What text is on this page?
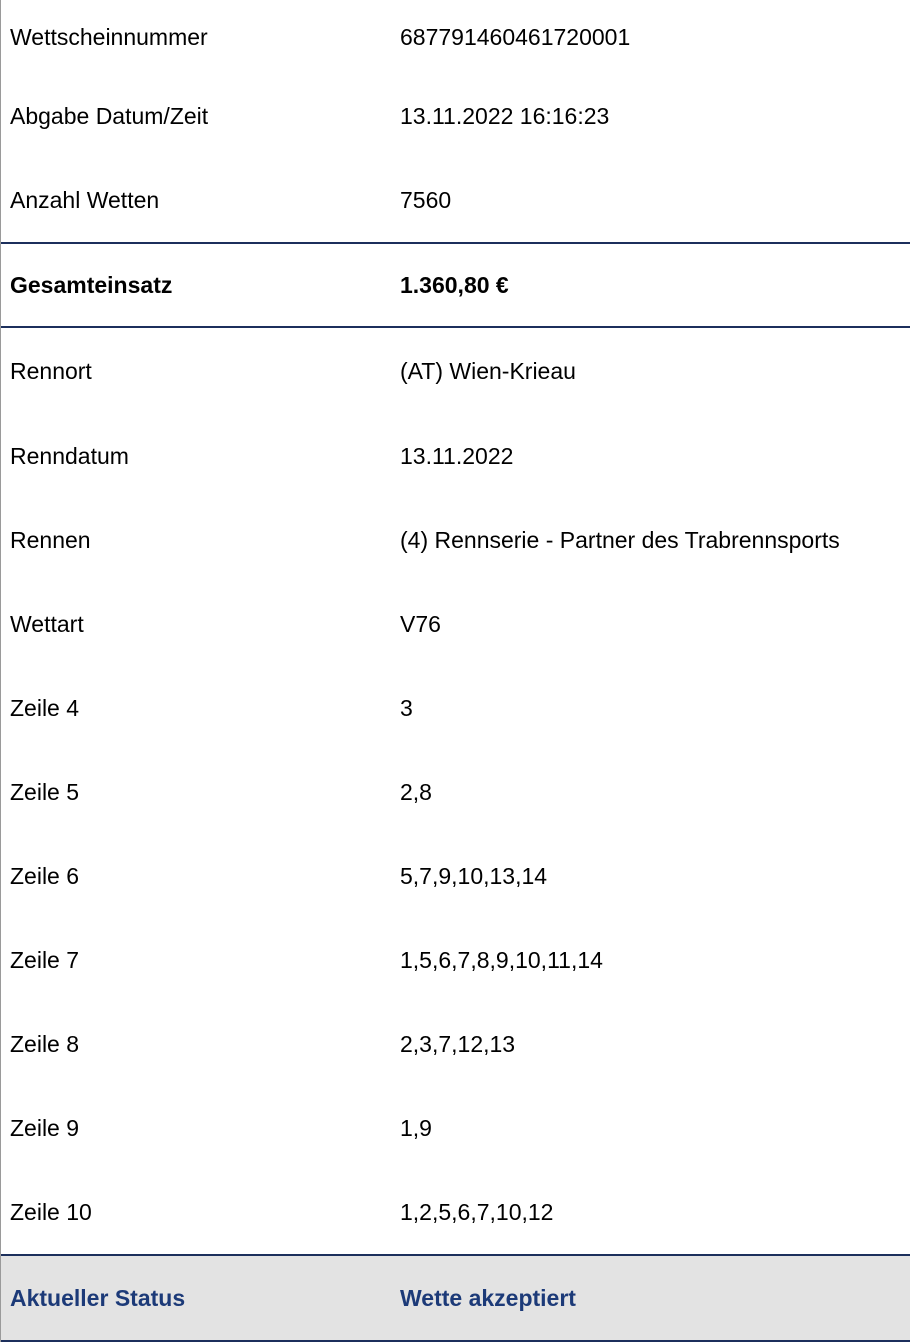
Wettscheinnummer	687791460461720001
Abgabe Datum/Zeit	13.11.2022 16:16:23
Anzahl Wetten	7560
Gesamteinsatz	1.360,80 €
Rennort	(AT) Wien-Krieau
Renndatum	13.11.2022
Rennen	(4) Rennserie - Partner des Trabrennsports
Wettart	V76
Zeile 4	3
Zeile 5	2,8
Zeile 6	5,7,9,10,13,14
Zeile 7	1,5,6,7,8,9,10,11,14
Zeile 8	2,3,7,12,13
Zeile 9	1,9
Zeile 10	1,2,5,6,7,10,12
Aktueller Status	Wette akzeptiert
